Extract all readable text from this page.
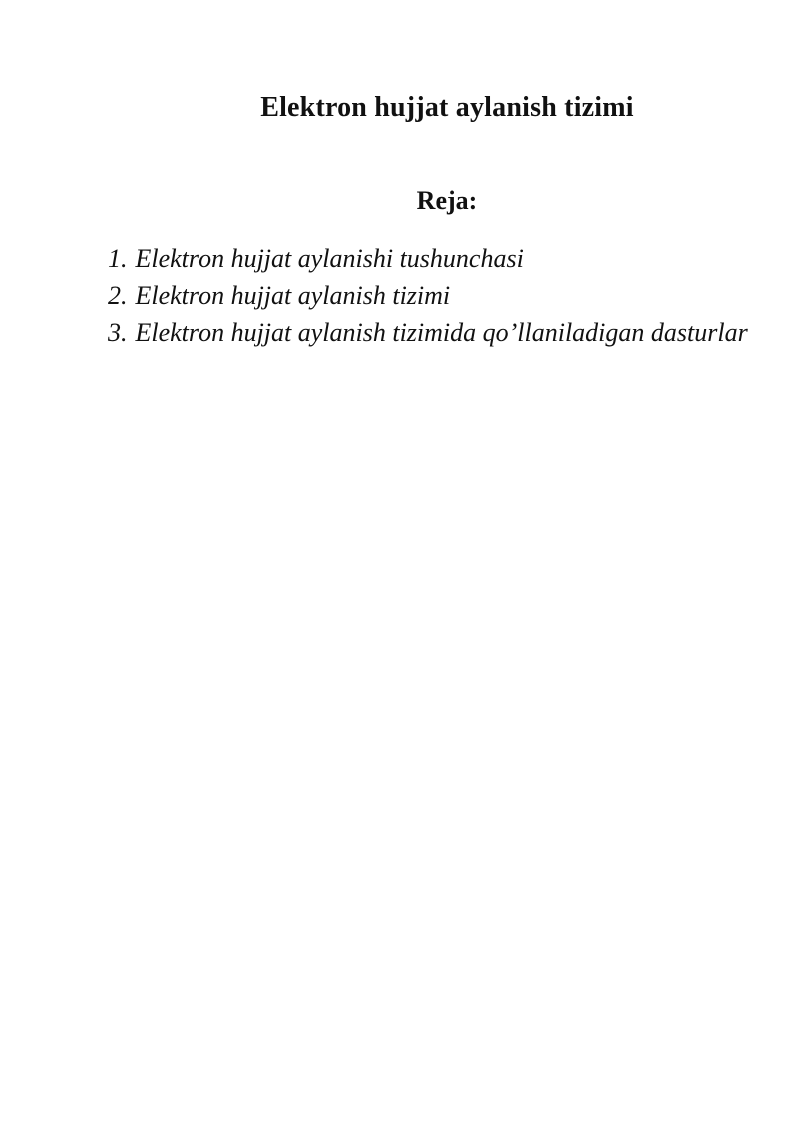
Elektron hujjat aylanish tizimi
Reja:
1. Elektron hujjat aylanishi tushunchasi
2. Elektron hujjat aylanish tizimi
3. Elektron hujjat aylanish tizimida qo’llaniladigan dasturlar
